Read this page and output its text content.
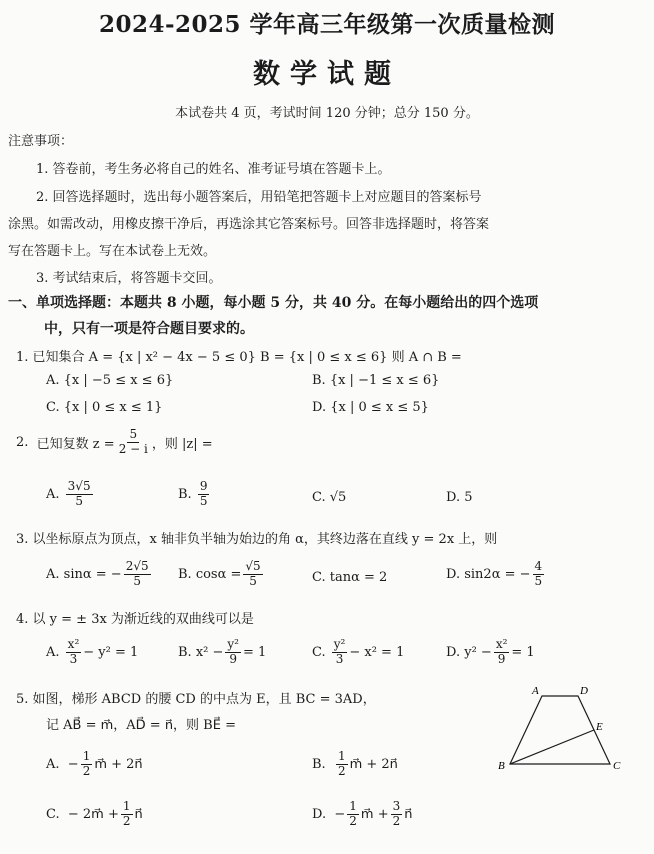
2024-2025 学年高三年级第一次质量检测
数学试题
本试卷共 4 页，考试时间 120 分钟；总分 150 分。
注意事项：
1. 答卷前，考生务必将自己的姓名、准考证号填在答题卡上。
2. 回答选择题时，选出每小题答案后，用铅笔把答题卡上对应题目的答案标号
涂黑。如需改动，用橡皮擦干净后，再选涂其它答案标号。回答非选择题时，将答案
写在答题卡上。写在本试卷上无效。
3. 考试结束后，将答题卡交回。
一、单项选择题：本题共 8 小题，每小题 5 分，共 40 分。在每小题给出的四个选项
中，只有一项是符合题目要求的。
1. 已知集合 A = {x | x² − 4x − 5 ≤ 0} B = {x | 0 ≤ x ≤ 6} 则 A ∩ B =
A. {x | −5 ≤ x ≤ 6}	B. {x | −1 ≤ x ≤ 6}
C. {x | 0 ≤ x ≤ 1}	D. {x | 0 ≤ x ≤ 5}
2.
已知复数 $z = \frac{5}{2 - i}$ ，则 |z| =
A.
$\frac{3√5}{5}$	B.
$\frac{9}{5}$	C. √5	D. 5
3. 以坐标原点为顶点，x 轴非负半轴为始边的角 α，其终边落在直线 y = 2x 上，则
A. sinα = − $\frac{2√5}{5} B$. $\cos\alpha = \frac{√5}{5}$	C. tanα = 2	D. sin2α = − $\frac{4}{5}$
4. 以 y = ± 3x 为渐近线的双曲线可以是
A.
$\frac{\text{x²}}{3} - y^2 = 1$	B. $x^2 - \frac{\text{y²}}{9} = 1$	C.
$\frac{\text{y²}}{3} - x^2 = 1$	D. $y^2 - \frac{\text{x²}}{9} = 1$
5. 如图，梯形 ABCD 的腰 CD 的中点为 E，且 BC = 3AD，
记 AB⃗ = m⃗，AD⃗ = n⃗，则 BE⃗ =
A.
− $\frac{1}{2}$ m⃗ + 2n⃗	B.
$\frac{1}{2}$ m⃗ + 2n⃗
C.
− 2m⃗ + $\frac{1}{2}$ n⃗	D.
− $\frac{1}{2}$ m⃗ + $\frac{3}{2}$ n⃗
A	D
E
B	C
